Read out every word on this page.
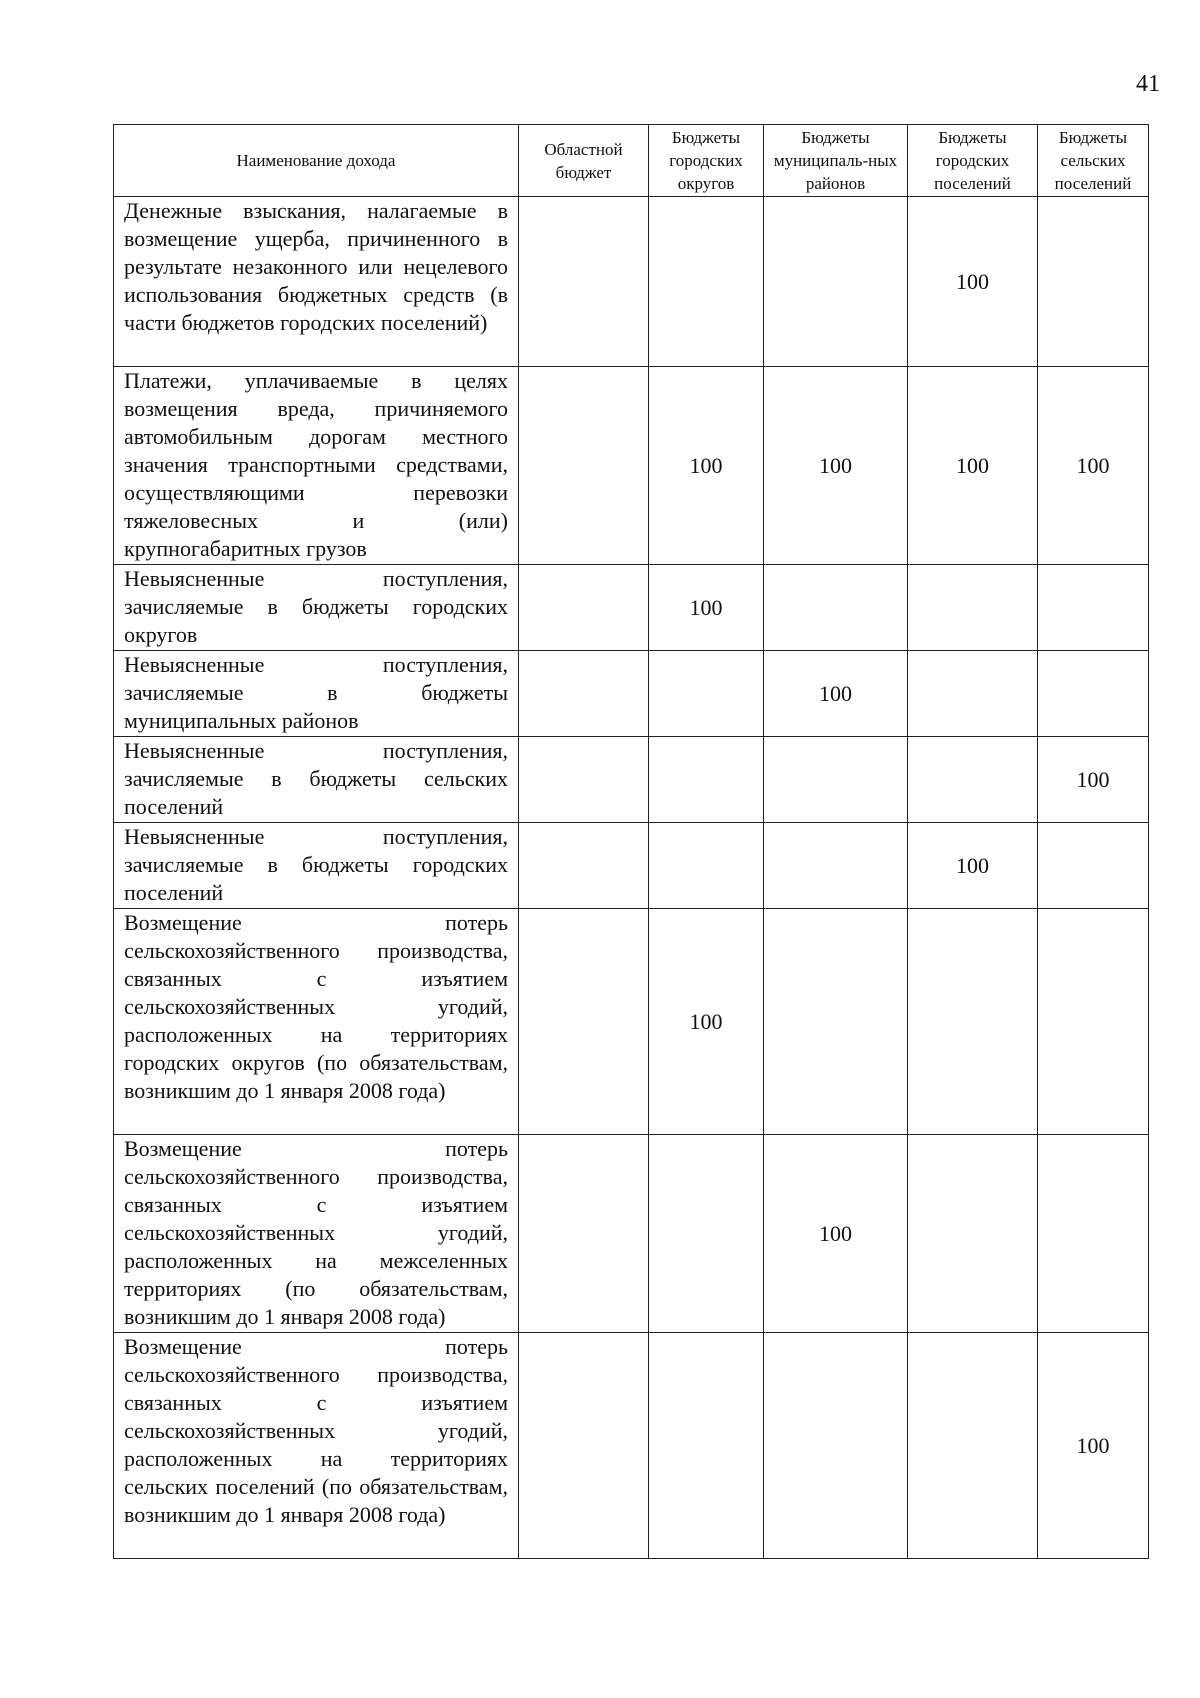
41
Наименование дохода	Областной бюджет	Бюджеты городских округов	Бюджеты муниципаль-ных районов	Бюджеты городских поселений	Бюджеты сельских поселений
Денежные взыскания, налагаемые в возмещение ущерба, причиненного в результате незаконного или нецелевого использования бюджетных средств (в части бюджетов городских поселений)				100	
Платежи, уплачиваемые в целях возмещения вреда, причиняемого автомобильным дорогам местного значения транспортными средствами, осуществляющими перевозки тяжеловесных и (или) крупногабаритных грузов		100	100	100	100
Невыясненные поступления, зачисляемые в бюджеты городских округов		100			
Невыясненные поступления, зачисляемые в бюджеты муниципальных районов			100		
Невыясненные поступления, зачисляемые в бюджеты сельских поселений					100
Невыясненные поступления, зачисляемые в бюджеты городских поселений				100	
Возмещение потерь сельскохозяйственного производства, связанных с изъятием сельскохозяйственных угодий, расположенных на территориях городских округов (по обязательствам, возникшим до 1 января 2008 года)		100			
Возмещение потерь сельскохозяйственного производства, связанных с изъятием сельскохозяйственных угодий, расположенных на межселенных территориях (по обязательствам, возникшим до 1 января 2008 года)			100		
Возмещение потерь сельскохозяйственного производства, связанных с изъятием сельскохозяйственных угодий, расположенных на территориях сельских поселений (по обязательствам, возникшим до 1 января 2008 года)					100
